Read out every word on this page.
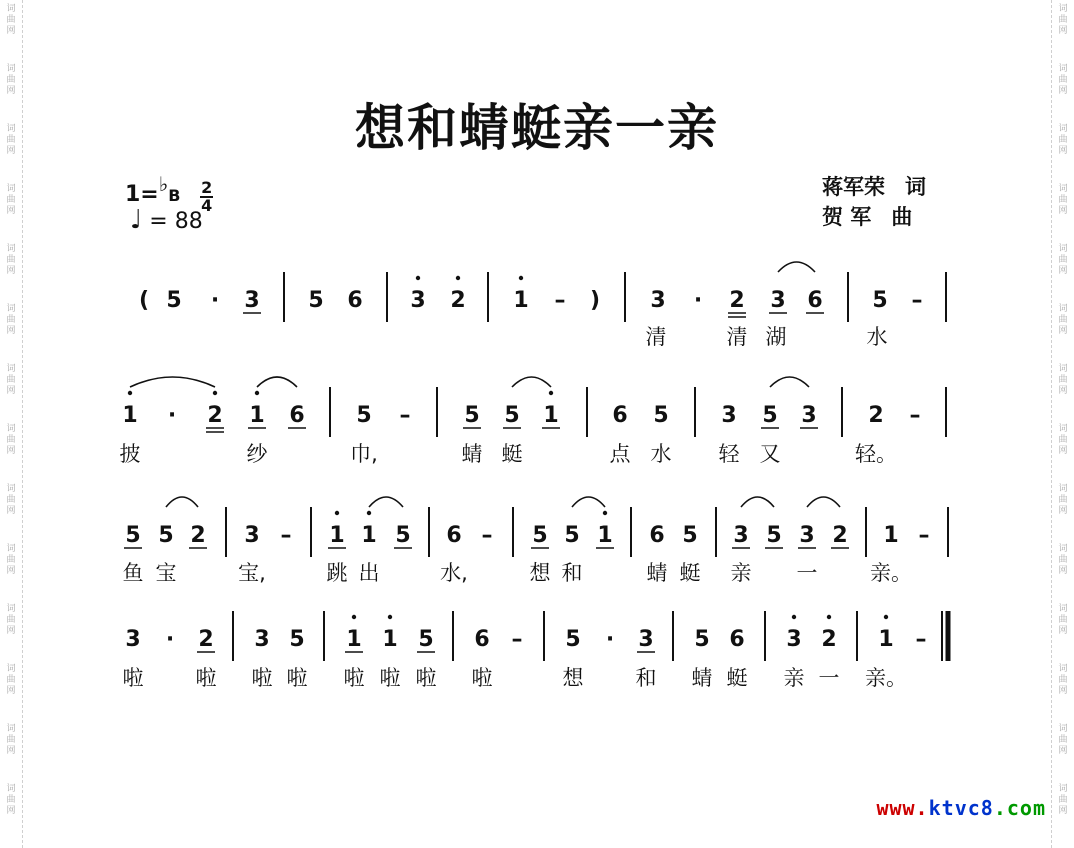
词
曲
网
词
曲
网
词
曲
网
词
曲
网
词
曲
网
词
曲
网
词
曲
网
词
曲
网
词
曲
网
词
曲
网
词
曲
网
词
曲
网
词
曲
网
词
曲
网
词
曲
网
词
曲
网
词
曲
网
词
曲
网
词
曲
网
词
曲
网
词
曲
网
词
曲
网
词
曲
网
词
曲
网
词
曲
网
词
曲
网
词
曲
网
词
曲
网
想和蜻蜓亲一亲
1=♭B $\frac{2}{4}$
♩ = 88
蒋军荣 词
贺 军 曲
( 5 · 3 5 6 3 2 1 – ) 3 · 2 3 6 5 –
清	清 湖	水
1 · 2 1 6 5 – 5 5 1 6 5 3 5 3 2 –
披	纱	巾,	蜻 蜓	点 水 轻 又	轻。
5 5 2 3 – 1 1 5 6 – 5 5 1 6 5 3 5 3 2 1 –
鱼 宝	宝,	跳 出	水,	想 和	蜻 蜓 亲 一	亲。
3 · 2 3 5 1 1 5 6 – 5 · 3 5 6 3 2 1 –
啦 啦 啦 啦 啦 啦 啦 啦	想 和 蜻 蜓 亲 一 亲。
www.ktvc8.com
